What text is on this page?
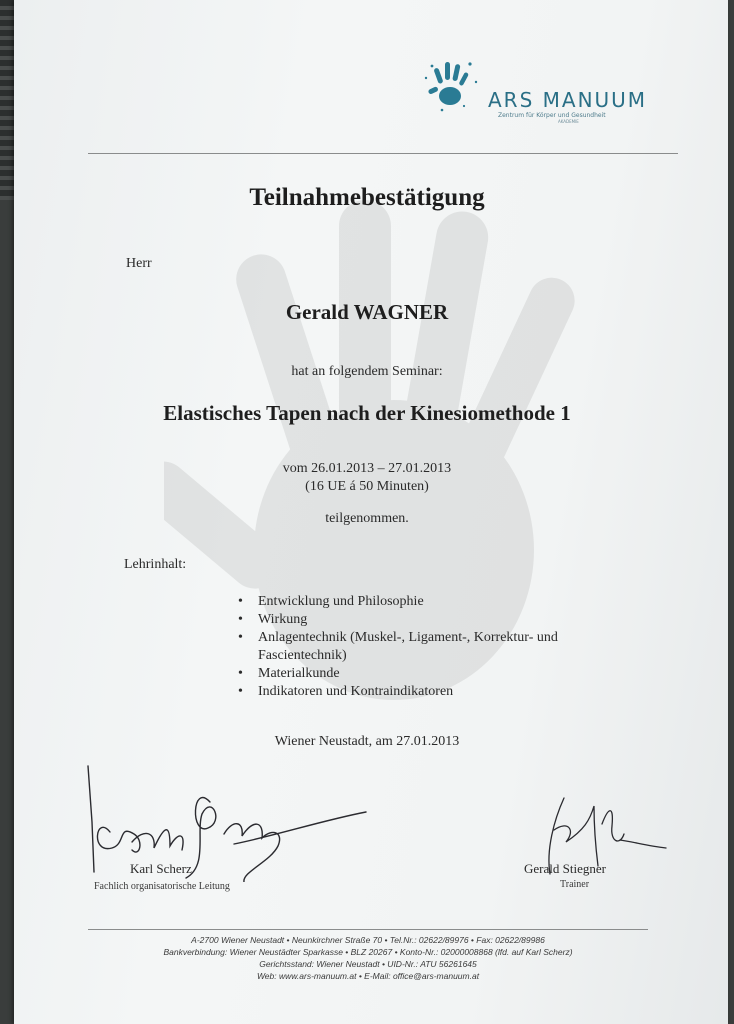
ARS MANUUM
Zentrum für Körper und Gesundheit
AKADEMIE
Teilnahmebestätigung
Herr
Gerald WAGNER
hat an folgendem Seminar:
Elastisches Tapen nach der Kinesiomethode 1
vom 26.01.2013 – 27.01.2013
(16 UE á 50 Minuten)
teilgenommen.
Lehrinhalt:
• Entwicklung und Philosophie
• Wirkung
• Anlagentechnik (Muskel-, Ligament-, Korrektur- und Fascientechnik)
• Materialkunde
• Indikatoren und Kontraindikatoren
Wiener Neustadt, am 27.01.2013
Karl Scherz
Fachlich organisatorische Leitung
Gerald Stiegner
Trainer
A-2700 Wiener Neustadt • Neunkirchner Straße 70 • Tel.Nr.: 02622/89976 • Fax: 02622/89986
Bankverbindung: Wiener Neustädter Sparkasse • BLZ 20267 • Konto-Nr.: 02000008868 (lfd. auf Karl Scherz)
Gerichtsstand: Wiener Neustadt • UID-Nr.: ATU 56261645
Web: www.ars-manuum.at • E-Mail: office@ars-manuum.at
